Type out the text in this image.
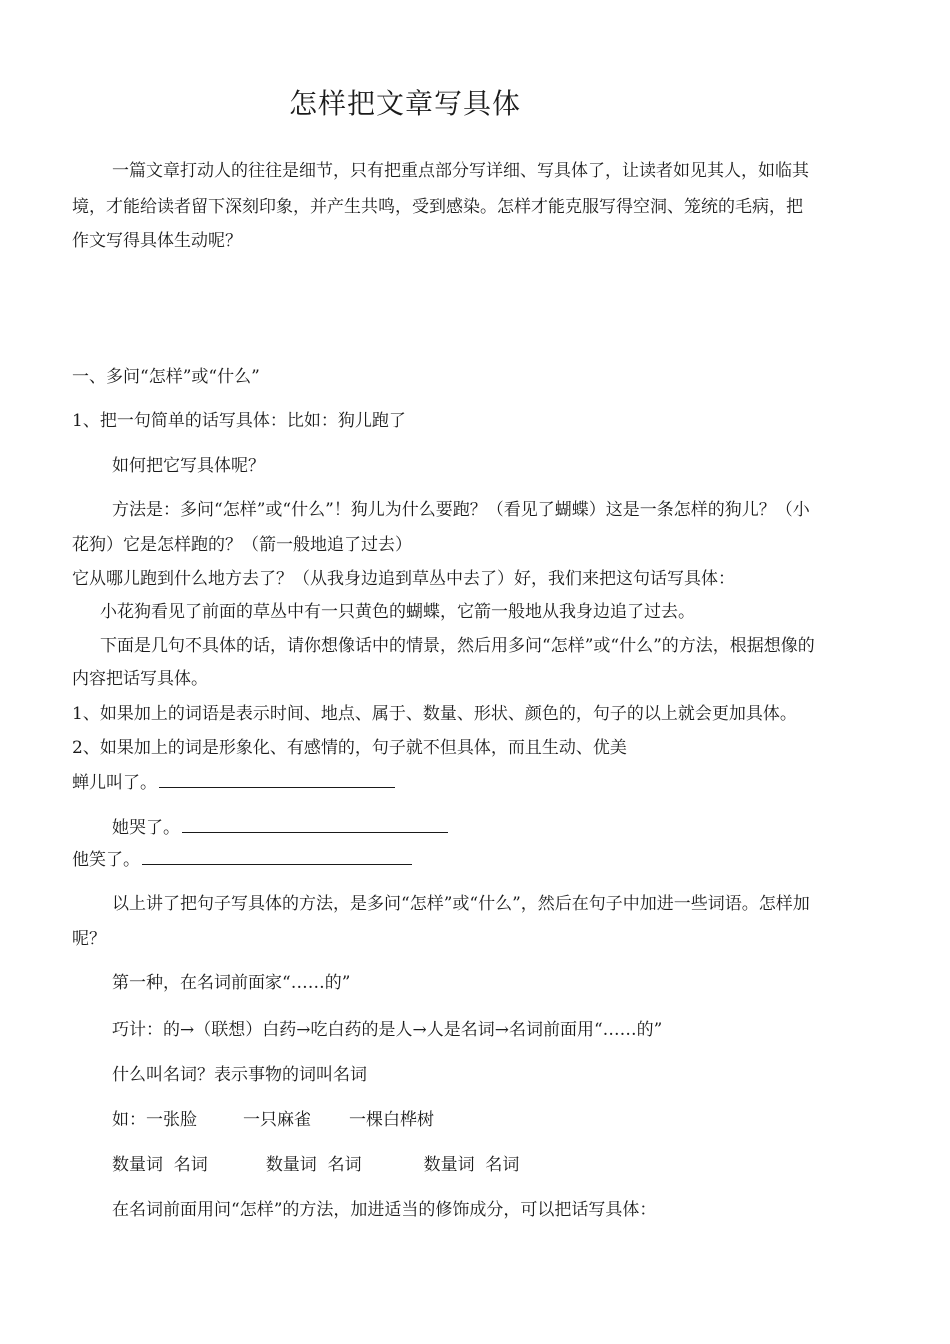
怎样把文章写具体
一篇文章打动人的往往是细节，只有把重点部分写详细、写具体了，让读者如见其人，如临其
境，才能给读者留下深刻印象，并产生共鸣，受到感染。怎样才能克服写得空洞、笼统的毛病，把
作文写得具体生动呢？
一、多问“怎样”或“什么”
1、把一句简单的话写具体：比如：狗儿跑了
如何把它写具体呢？
方法是：多问“怎样”或“什么”！狗儿为什么要跑？（看见了蝴蝶）这是一条怎样的狗儿？（小
花狗）它是怎样跑的？（箭一般地追了过去）
它从哪儿跑到什么地方去了？（从我身边追到草丛中去了）好，我们来把这句话写具体：
小花狗看见了前面的草丛中有一只黄色的蝴蝶，它箭一般地从我身边追了过去。
下面是几句不具体的话，请你想像话中的情景，然后用多问“怎样”或“什么”的方法，根据想像的
内容把话写具体。
1、如果加上的词语是表示时间、地点、属于、数量、形状、颜色的，句子的以上就会更加具体。
2、如果加上的词是形象化、有感情的，句子就不但具体，而且生动、优美
蝉儿叫了。
她哭了。
他笑了。
以上讲了把句子写具体的方法，是多问“怎样”或“什么”，然后在句子中加进一些词语。怎样加
呢？
第一种，在名词前面家“……的”
巧计：的→（联想）白药→吃白药的是人→人是名词→名词前面用“……的”
什么叫名词？表示事物的词叫名词
如：一张脸	一只麻雀 一棵白桦树
数量词  名词	数量词  名词	数量词  名词
在名词前面用问“怎样”的方法，加进适当的修饰成分，可以把话写具体：
